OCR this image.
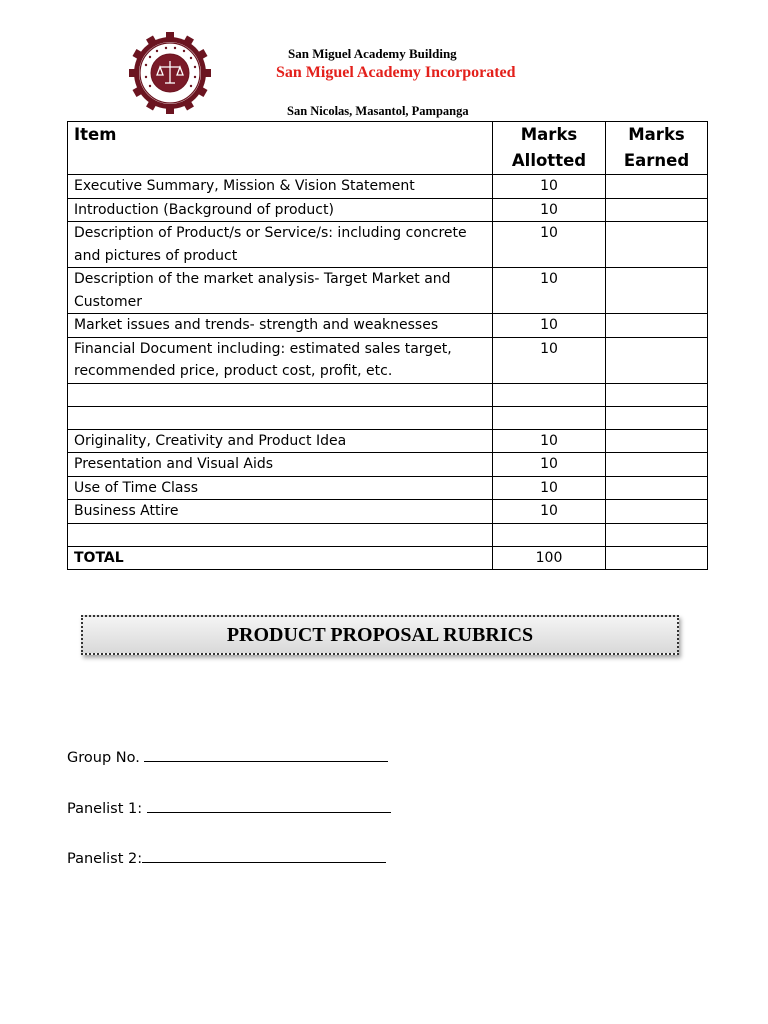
San Miguel Academy Building
San Miguel Academy Incorporated
San Nicolas, Masantol, Pampanga
Item	Marks Allotted	Marks Earned
Executive Summary, Mission & Vision Statement	10	
Introduction (Background of product)	10	
Description of Product/s or Service/s: including concrete and pictures of product	10	
Description of the market analysis- Target Market and Customer	10	
Market issues and trends- strength and weaknesses	10	
Financial Document including: estimated sales target, recommended price, product cost, profit, etc.	10	

Originality, Creativity and Product Idea	10	
Presentation and Visual Aids	10	
Use of Time Class	10	
Business Attire	10	

TOTAL	100	
PRODUCT PROPOSAL RUBRICS
Group No.
Panelist 1:
Panelist 2:
